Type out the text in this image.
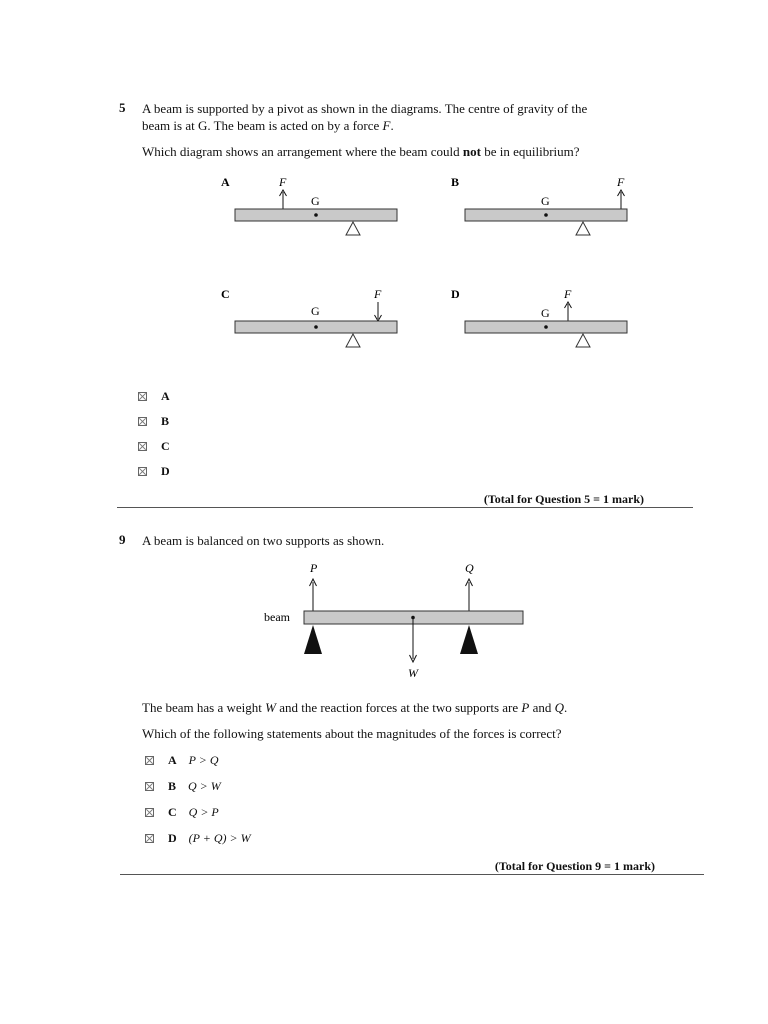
5 A beam is supported by a pivot as shown in the diagrams. The centre of gravity of the
beam is at G. The beam is acted on by a force F.
Which diagram shows an arrangement where the beam could not be in equilibrium?
A	F
G
B	F
G
C	F
G
D	F
G
A
B
C
D
(Total for Question 5 = 1 mark)
9 A beam is balanced on two supports as shown.
P	Q
beam
W
The beam has a weight W and the reaction forces at the two supports are P and Q.
Which of the following statements about the magnitudes of the forces is correct?
A P > Q
B Q > W
C Q > P
D (P + Q) > W
(Total for Question 9 = 1 mark)
